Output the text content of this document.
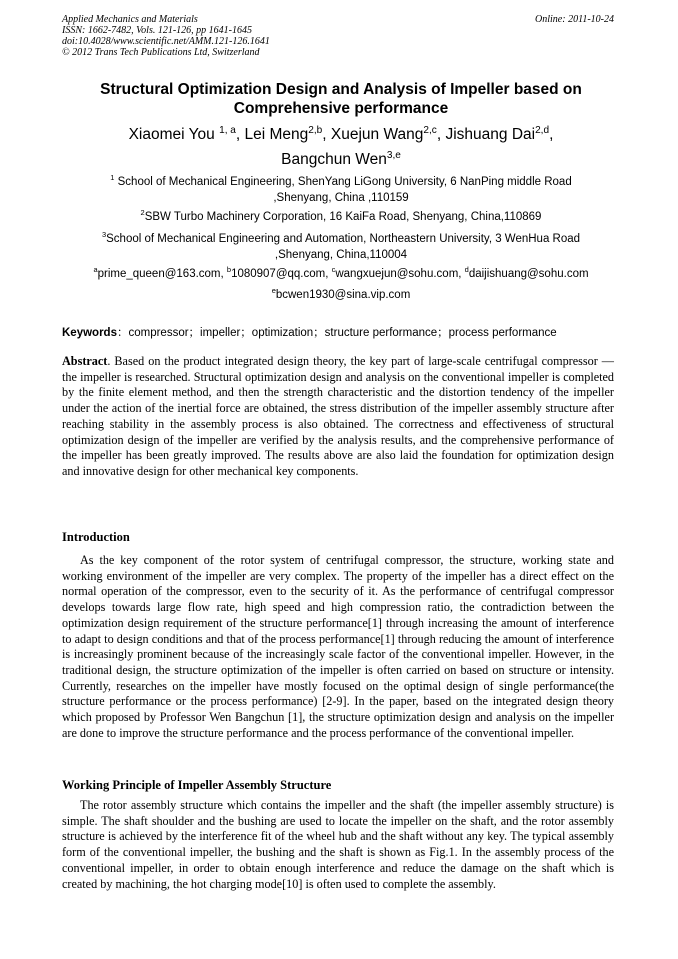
Applied Mechanics and Materials
ISSN: 1662-7482, Vols. 121-126, pp 1641-1645
doi:10.4028/www.scientific.net/AMM.121-126.1641
© 2012 Trans Tech Publications Ltd, Switzerland
Online: 2011-10-24
Structural Optimization Design and Analysis of Impeller based on Comprehensive performance
Xiaomei You $^{1, a}$, Lei Meng$^{2,b}$, Xuejun Wang$^{2,c}$, Jishuang Dai$^{2,d}$,
Bangchun Wen$^{3,e}$
$^1$ School of Mechanical Engineering, ShenYang LiGong University, 6 NanPing middle Road ,Shenyang, China ,110159
$^2$SBW Turbo Machinery Corporation, 16 KaiFa Road, Shenyang, China,110869
$^3$School of Mechanical Engineering and Automation, Northeastern University, 3 WenHua Road ,Shenyang, China,110004
$^a$prime_queen@163.com, $^b$1080907@qq.com, $^c$wangxuejun@sohu.com, $^d$daijishuang@sohu.com
$^e$bcwen1930@sina.vip.com
Keywords：compressor；impeller；optimization；structure performance；process performance

Abstract. Based on the product integrated design theory, the key part of large-scale centrifugal compressor — the impeller is researched. Structural optimization design and analysis on the conventional impeller is completed by the finite element method, and then the strength characteristic and the distortion tendency of the impeller under the action of the inertial force are obtained, the stress distribution of the impeller assembly structure after reaching stability in the assembly process is also obtained. The correctness and effectiveness of structural optimization design of the impeller are verified by the analysis results, and the comprehensive performance of the impeller has been greatly improved. The results above are also laid the foundation for optimization design and innovative design for other mechanical key components.

Introduction

As the key component of the rotor system of centrifugal compressor, the structure, working state and working environment of the impeller are very complex. The property of the impeller has a direct effect on the normal operation of the compressor, even to the security of it. As the performance of centrifugal compressor develops towards large flow rate, high speed and high compression ratio, the contradiction between the optimization design requirement of the structure performance[1] through increasing the amount of interference to adapt to design conditions and that of the process performance[1] through reducing the amount of interference is increasingly prominent because of the increasingly scale factor of the conventional impeller. However, in the traditional design, the structure optimization of the impeller is often carried on based on structure or intensity. Currently, researches on the impeller have mostly focused on the optimal design of single performance(the structure performance or the process performance) [2-9]. In the paper, based on the integrated design theory which proposed by Professor Wen Bangchun [1], the structure optimization design and analysis on the impeller are done to improve the structure performance and the process performance of the conventional impeller.

Working Principle of Impeller Assembly Structure

The rotor assembly structure which contains the impeller and the shaft (the impeller assembly structure) is simple. The shaft shoulder and the bushing are used to locate the impeller on the shaft, and the rotor assembly structure is achieved by the interference fit of the wheel hub and the shaft without any key. The typical assembly form of the conventional impeller, the bushing and the shaft is shown as Fig.1. In the assembly process of the conventional impeller, in order to obtain enough interference and reduce the damage on the shaft which is created by machining, the hot charging mode[10] is often used to complete the assembly.
